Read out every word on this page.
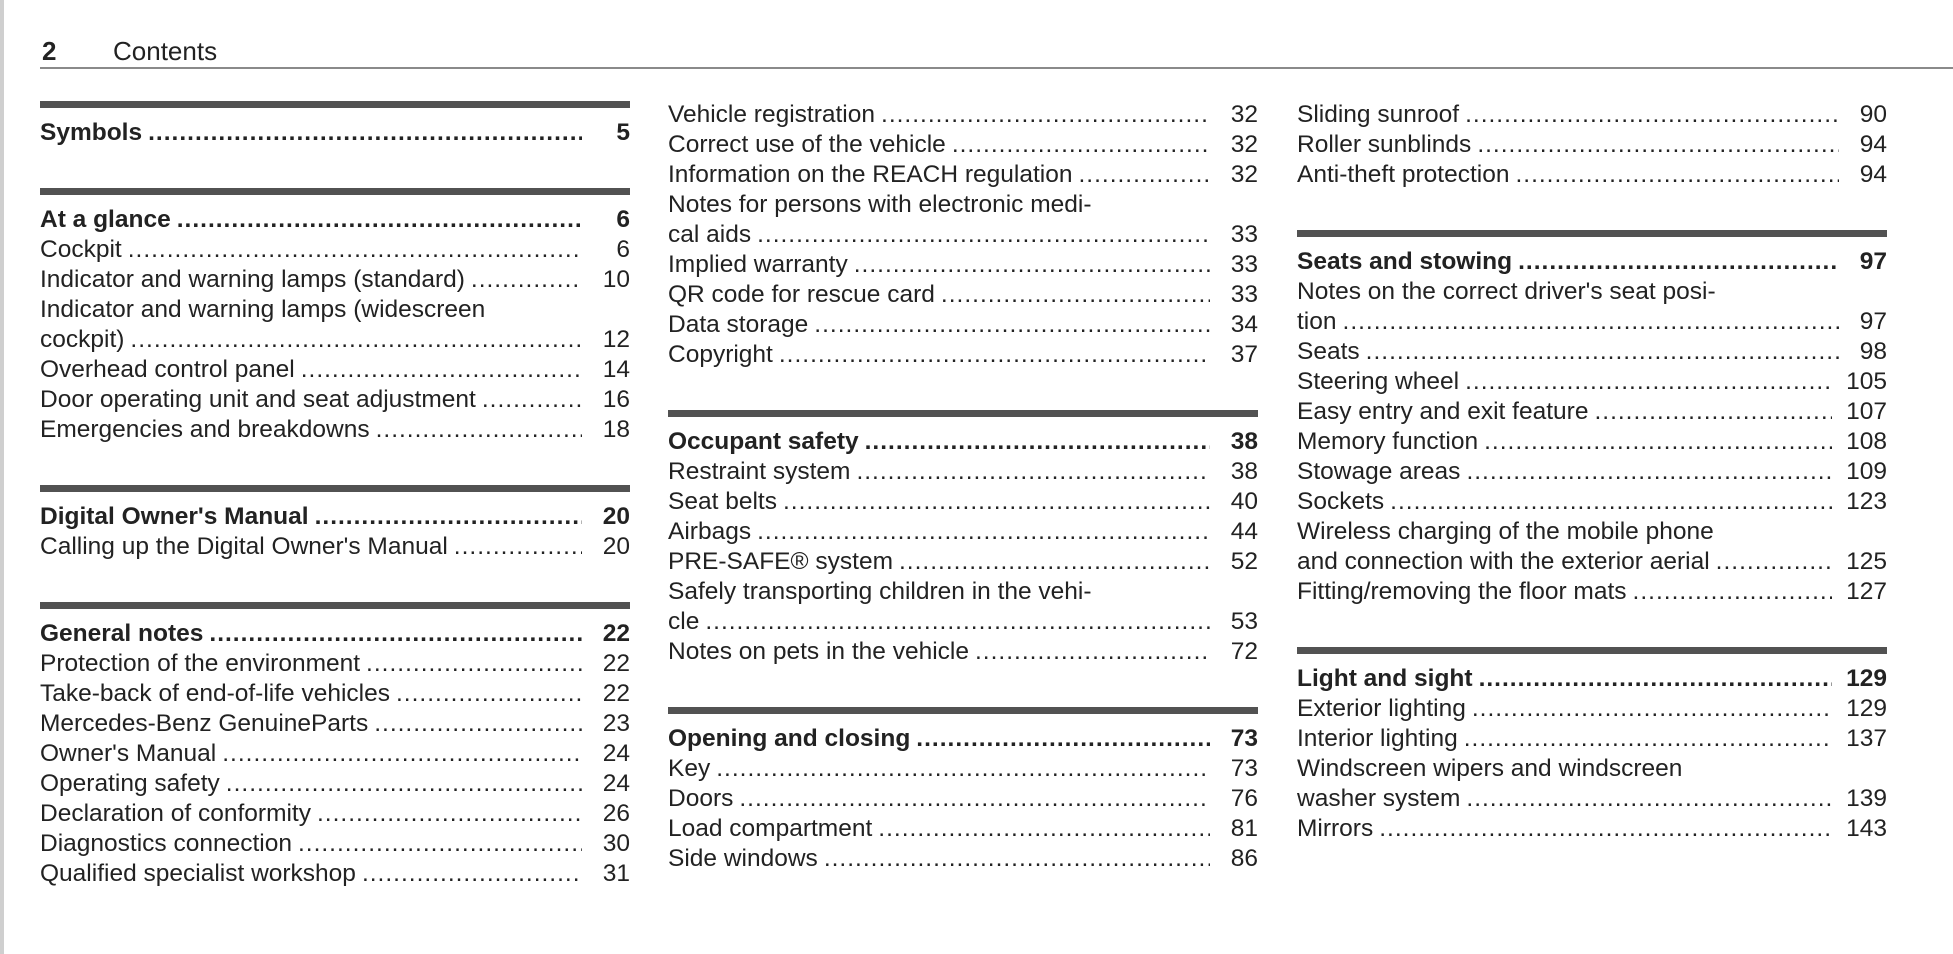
2 Contents
Symbols .....	5
At a glance .....	6
Cockpit .....	6
Indicator and warning lamps (standard) .....	10
Indicator and warning lamps (widescreen
cockpit) .....	12
Overhead control panel .....	14
Door operating unit and seat adjustment .....	16
Emergencies and breakdowns .....	18
Digital Owner's Manual .....	20
Calling up the Digital Owner's Manual .....	20
General notes .....	22
Protection of the environment .....	22
Take-back of end-of-life vehicles .....	22
Mercedes-Benz GenuineParts .....	23
Owner's Manual .....	24
Operating safety .....	24
Declaration of conformity .....	26
Diagnostics connection .....	30
Qualified specialist workshop .....	31
Vehicle registration .....	32
Correct use of the vehicle .....	32
Information on the REACH regulation .....	32
Notes for persons with electronic medi-
cal aids .....	33
Implied warranty .....	33
QR code for rescue card .....	33
Data storage .....	34
Copyright .....	37
Occupant safety .....	38
Restraint system .....	38
Seat belts .....	40
Airbags .....	44
PRE-SAFE® system .....	52
Safely transporting children in the vehi-
cle .....	53
Notes on pets in the vehicle .....	72
Opening and closing .....	73
Key .....	73
Doors .....	76
Load compartment .....	81
Side windows .....	86
Sliding sunroof .....	90
Roller sunblinds .....	94
Anti-theft protection .....	94
Seats and stowing .....	97
Notes on the correct driver's seat posi-
tion .....	97
Seats .....	98
Steering wheel .....	105
Easy entry and exit feature .....	107
Memory function .....	108
Stowage areas .....	109
Sockets .....	123
Wireless charging of the mobile phone
and connection with the exterior aerial .....	125
Fitting/removing the floor mats .....	127
Light and sight .....	129
Exterior lighting .....	129
Interior lighting .....	137
Windscreen wipers and windscreen
washer system .....	139
Mirrors .....	143
